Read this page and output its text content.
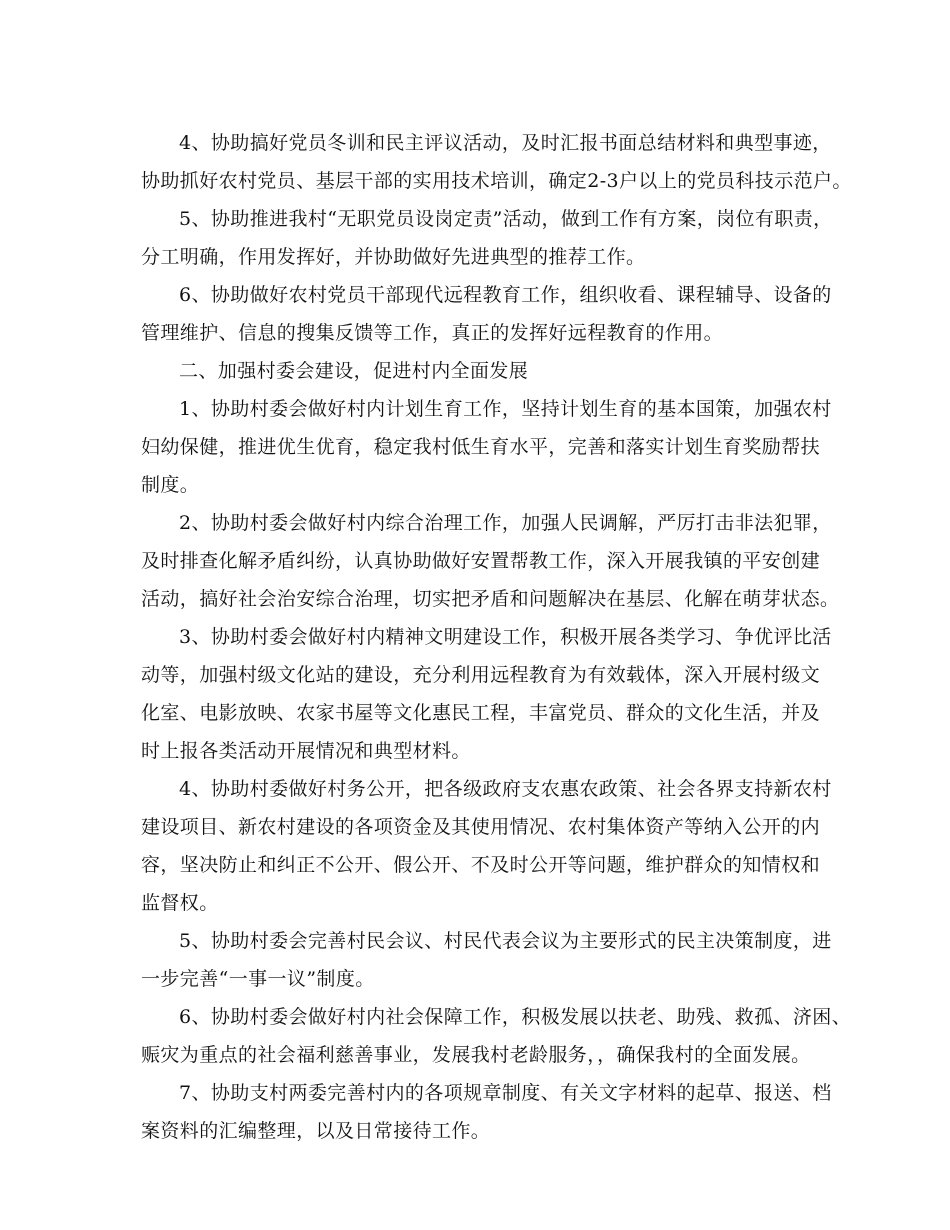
4、协助搞好党员冬训和民主评议活动，及时汇报书面总结材料和典型事迹，
协助抓好农村党员、基层干部的实用技术培训，确定2-3户以上的党员科技示范户。
5、协助推进我村“无职党员设岗定责”活动，做到工作有方案，岗位有职责，
分工明确，作用发挥好，并协助做好先进典型的推荐工作。
6、协助做好农村党员干部现代远程教育工作，组织收看、课程辅导、设备的
管理维护、信息的搜集反馈等工作，真正的发挥好远程教育的作用。
二、加强村委会建设，促进村内全面发展
1、协助村委会做好村内计划生育工作，坚持计划生育的基本国策，加强农村
妇幼保健，推进优生优育，稳定我村低生育水平，完善和落实计划生育奖励帮扶
制度。
2、协助村委会做好村内综合治理工作，加强人民调解，严厉打击非法犯罪，
及时排查化解矛盾纠纷，认真协助做好安置帮教工作，深入开展我镇的平安创建
活动，搞好社会治安综合治理，切实把矛盾和问题解决在基层、化解在萌芽状态。
3、协助村委会做好村内精神文明建设工作，积极开展各类学习、争优评比活
动等，加强村级文化站的建设，充分利用远程教育为有效载体，深入开展村级文
化室、电影放映、农家书屋等文化惠民工程，丰富党员、群众的文化生活，并及
时上报各类活动开展情况和典型材料。
4、协助村委做好村务公开，把各级政府支农惠农政策、社会各界支持新农村
建设项目、新农村建设的各项资金及其使用情况、农村集体资产等纳入公开的内
容，坚决防止和纠正不公开、假公开、不及时公开等问题，维护群众的知情权和
监督权。
5、协助村委会完善村民会议、村民代表会议为主要形式的民主决策制度，进
一步完善“一事一议”制度。
6、协助村委会做好村内社会保障工作，积极发展以扶老、助残、救孤、济困、
赈灾为重点的社会福利慈善事业，发展我村老龄服务，，确保我村的全面发展。
7、协助支村两委完善村内的各项规章制度、有关文字材料的起草、报送、档
案资料的汇编整理，以及日常接待工作。
